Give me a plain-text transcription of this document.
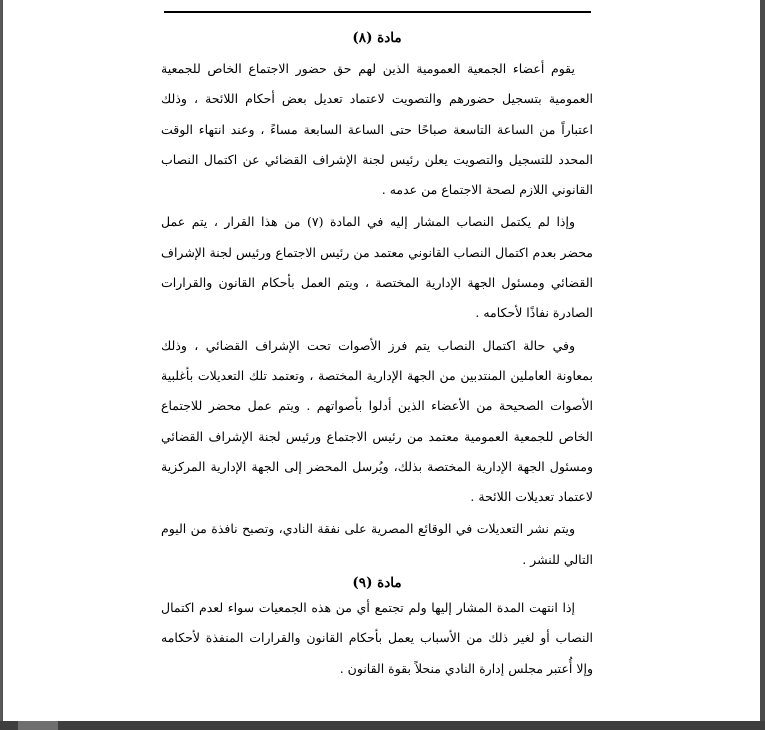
مادة (٨)

يقوم أعضاء الجمعية العمومية الذين لهم حق حضور الاجتماع الخاص للجمعية العمومية بتسجيل حضورهم والتصويت لاعتماد تعديل بعض أحكام اللائحة ، وذلك اعتباراً من الساعة التاسعة صباحًا حتى الساعة السابعة مساءً ، وعند انتهاء الوقت المحدد للتسجيل والتصويت يعلن رئيس لجنة الإشراف القضائي عن اكتمال النصاب القانوني اللازم لصحة الاجتماع من عدمه .

وإذا لم يكتمل النصاب المشار إليه في المادة (٧) من هذا القرار ، يتم عمل محضر بعدم اكتمال النصاب القانوني معتمد من رئيس الاجتماع ورئيس لجنة الإشراف القضائي ومسئول الجهة الإدارية المختصة ، ويتم العمل بأحكام القانون والقرارات الصادرة نفاذًا لأحكامه .

وفي حالة اكتمال النصاب يتم فرز الأصوات تحت الإشراف القضائي ، وذلك بمعاونة العاملين المنتدبين من الجهة الإدارية المختصة ، وتعتمد تلك التعديلات بأغلبية الأصوات الصحيحة من الأعضاء الذين أدلوا بأصواتهم . ويتم عمل محضر للاجتماع الخاص للجمعية العمومية معتمد من رئيس الاجتماع ورئيس لجنة الإشراف القضائي ومسئول الجهة الإدارية المختصة بذلك، ويُرسل المحضر إلى الجهة الإدارية المركزية لاعتماد تعديلات اللائحة .

ويتم نشر التعديلات في الوقائع المصرية على نفقة النادي، وتصبح نافذة من اليوم التالي للنشر .

مادة (٩)

إذا انتهت المدة المشار إليها ولم تجتمع أي من هذه الجمعيات سواء لعدم اكتمال النصاب أو لغير ذلك من الأسباب يعمل بأحكام القانون والقرارات المنفذة لأحكامه وإلا أُعتبر مجلس إدارة النادي منحلاً بقوة القانون .
